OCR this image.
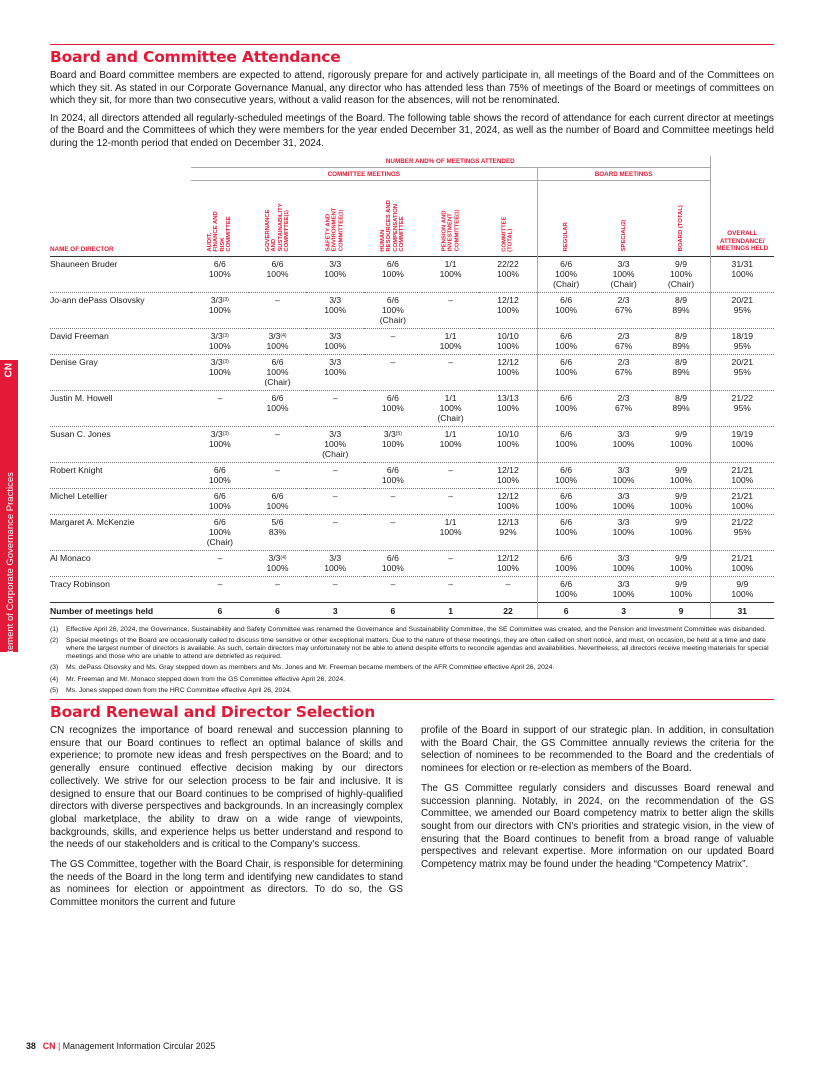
CN
Statement of Corporate Governance Practices
Board and Committee Attendance

Board and Board committee members are expected to attend, rigorously prepare for and actively participate in, all meetings of the Board and of the Committees on which they sit. As stated in our Corporate Governance Manual, any director who has attended less than 75% of meetings of the Board or meetings of committees on which they sit, for more than two consecutive years, without a valid reason for the absences, will not be renominated.

In 2024, all directors attended all regularly-scheduled meetings of the Board. The following table shows the record of attendance for each current director at meetings of the Board and the Committees of which they were members for the year ended December 31, 2024, as well as the number of Board and Committee meetings held during the 12-month period that ended on December 31, 2024.

	NUMBER AND% OF MEETINGS ATTENDED									
	COMMITTEE MEETINGS						BOARD MEETINGS			

NAME OF DIRECTOR	AUDIT,
FINANCE AND
RISK
COMMITTEE	GOVERNANCE
AND
SUSTAINABILITY
COMMITTEE$^{(1)}$	SAFETY AND
ENVIRONMENT
COMMITTEE$^{(1)}$	HUMAN
RESOURCES AND
COMPENSATION
COMMITTEE	PENSION AND
INVESTMENT
COMMITTEE$^{(1)}$	COMMITTEE
(TOTAL)	REGULAR	SPECIAL$^{(2)}$	BOARD (TOTAL)	OVERALL ATTENDANCE/ MEETINGS HELD

Shauneen Bruder	6/6
100%	6/6
100%	3/3
100%	6/6
100%	1/1
100%	22/22
100%	6/6
100%
(Chair)	3/3
100%
(Chair)	9/9
100%
(Chair)	31/31
100%
Jo-ann dePass Olsovsky	3/3$^{(3)}$
100%	–	3/3
100%	6/6
100%
(Chair)	–	12/12
100%	6/6
100%	2/3
67%	8/9
89%	20/21
95%
David Freeman	3/3$^{(3)}$
100%	3/3$^{(4)}$
100%	3/3
100%	–	1/1
100%	10/10
100%	6/6
100%	2/3
67%	8/9
89%	18/19
95%
Denise Gray	3/3$^{(3)}$
100%	6/6
100%
(Chair)	3/3
100%	–	–	12/12
100%	6/6
100%	2/3
67%	8/9
89%	20/21
95%
Justin M. Howell	–	6/6
100%	–	6/6
100%	1/1
100%
(Chair)	13/13
100%	6/6
100%	2/3
67%	8/9
89%	21/22
95%
Susan C. Jones	3/3$^{(3)}$
100%	–	3/3
100%
(Chair)	3/3$^{(5)}$
100%	1/1
100%	10/10
100%	6/6
100%	3/3
100%	9/9
100%	19/19
100%
Robert Knight	6/6
100%	–	–	6/6
100%	–	12/12
100%	6/6
100%	3/3
100%	9/9
100%	21/21
100%
Michel Letellier	6/6
100%	6/6
100%	–	–	–	12/12
100%	6/6
100%	3/3
100%	9/9
100%	21/21
100%
Margaret A. McKenzie	6/6
100%
(Chair)	5/6
83%	–	–	1/1
100%	12/13
92%	6/6
100%	3/3
100%	9/9
100%	21/22
95%
Al Monaco	–	3/3$^{(4)}$
100%	3/3
100%	6/6
100%	–	12/12
100%	6/6
100%	3/3
100%	9/9
100%	21/21
100%
Tracy Robinson	–	–	–	–	–	–	6/6
100%	3/3
100%	9/9
100%	9/9
100%
Number of meetings held	6	6	3	6	1	22	6	3	9	31
(1)	Effective April 26, 2024, the Governance, Sustainability and Safety Committee was renamed the Governance and Sustainability Committee, the SE Committee was created, and the Pension and Investment Committee was disbanded.
(2)	Special meetings of the Board are occasionally called to discuss time sensitive or other exceptional matters. Due to the nature of these meetings, they are often called on short notice, and must, on occasion, be held at a time and date where the largest number of directors is available. As such, certain directors may unfortunately not be able to attend despite efforts to reconcile agendas and availabilities. Nevertheless, all directors receive meeting materials for special meetings and those who are unable to attend are debriefed as required.
(3)	Ms. dePass Olsovsky and Ms. Gray stepped down as members and Ms. Jones and Mr. Freeman became members of the AFR Committee effective April 26, 2024.
(4)	Mr. Freeman and Mr. Monaco stepped down from the GS Committee effective April 26, 2024.
(5)	Ms. Jones stepped down from the HRC Committee effective April 26, 2024.
Board Renewal and Director Selection

CN recognizes the importance of board renewal and succession planning to ensure that our Board continues to reflect an optimal balance of skills and experience; to promote new ideas and fresh perspectives on the Board; and to generally ensure continued effective decision making by our directors collectively. We strive for our selection process to be fair and inclusive. It is designed to ensure that our Board continues to be comprised of highly-qualified directors with diverse perspectives and backgrounds. In an increasingly complex global marketplace, the ability to draw on a wide range of viewpoints, backgrounds, skills, and experience helps us better understand and respond to the needs of our stakeholders and is critical to the Company's success.

The GS Committee, together with the Board Chair, is responsible for determining the needs of the Board in the long term and identifying new candidates to stand as nominees for election or appointment as directors. To do so, the GS Committee monitors the current and future

profile of the Board in support of our strategic plan. In addition, in consultation with the Board Chair, the GS Committee annually reviews the criteria for the selection of nominees to be recommended to the Board and the credentials of nominees for election or re-election as members of the Board.

The GS Committee regularly considers and discusses Board renewal and succession planning. Notably, in 2024, on the recommendation of the GS Committee, we amended our Board competency matrix to better align the skills sought from our directors with CN's priorities and strategic vision, in the view of ensuring that the Board continues to benefit from a broad range of valuable perspectives and relevant expertise. More information on our updated Board Competency matrix may be found under the heading “Competency Matrix”.

38 CN | Management Information Circular 2025
